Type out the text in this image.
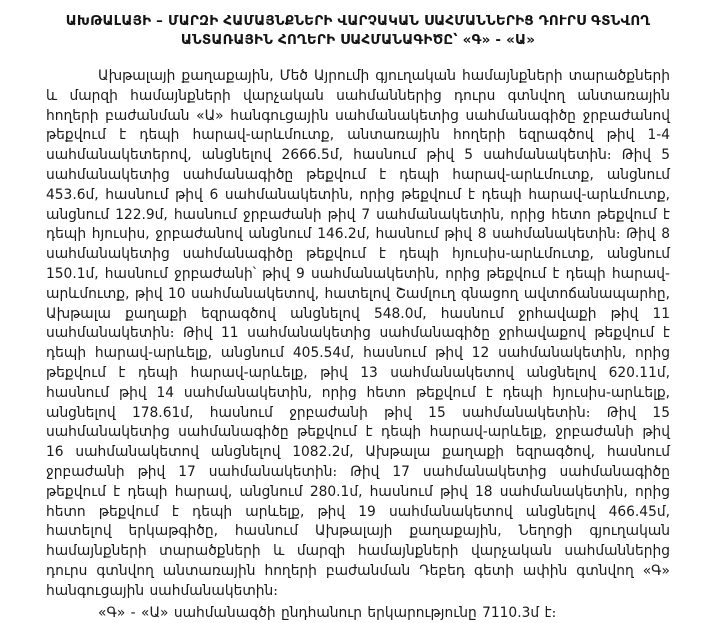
ԱԽԹԱԼԱՅԻ – ՄԱՐԶԻ ՀԱՄԱՅՆՔՆԵՐԻ ՎԱՐՉԱԿԱՆ ՍԱՀՄԱՆՆԵՐԻՑ ԴՈՒՐՍ ԳՏՆՎՈՂ
ԱՆՏԱՌԱՅԻՆ ՀՈՂԵՐԻ ՍԱՀՄԱՆԱԳԻԾԸ՝ «Գ» - «Ա»

Ախթալայի քաղաքային, Մեծ Այրումի գյուղական համայնքների տարածքների և մարզի համայնքների վարչական սահմաններից դուրս գտնվող անտառային հողերի բաժանման «Ա» հանգուցային սահմանակետից սահմանագիծը ջրբաժանով թեքվում է դեպի հարավ-արևմուտք, անտառային հողերի եզրագծով թիվ 1-4 սահմանակետերով, անցնելով 2666.5մ, հասնում թիվ 5 սահմանակետին։ Թիվ 5 սահմանակետից սահմանագիծը թեքվում է դեպի հարավ-արևմուտք, անցնում 453.6մ, հասնում թիվ 6 սահմանակետին, որից թեքվում է դեպի հարավ-արևմուտք, անցնում 122.9մ, հասնում ջրբաժանի թիվ 7 սահմանակետին, որից հետո թեքվում է դեպի հյուսիս, ջրբաժանով անցնում 146.2մ, հասնում թիվ 8 սահմանակետին։ Թիվ 8 սահմանակետից սահմանագիծը թեքվում է դեպի հյուսիս-արևմուտք, անցնում 150.1մ, հասնում ջրբաժանի՝ թիվ 9 սահմանակետին, որից թեքվում է դեպի հարավ-արևմուտք, թիվ 10 սահմանակետով, հատելով Շամլուղ գնացող ավտոճանապարհը, Ախթալա քաղաքի եզրագծով անցնելով 548.0մ, հասնում ջրհավաքի թիվ 11 սահմանակետին։ Թիվ 11 սահմանակետից սահմանագիծը ջրհավաքով թեքվում է դեպի հարավ-արևելք, անցնում 405.54մ, հասնում թիվ 12 սահմանակետին, որից թեքվում է դեպի հարավ-արևելք, թիվ 13 սահմանակետով անցնելով 620.11մ, հասնում թիվ 14 սահմանակետին, որից հետո թեքվում է դեպի հյուսիս-արևելք, անցնելով 178.61մ, հասնում ջրբաժանի թիվ 15 սահմանակետին։ Թիվ 15 սահմանակետից սահմանագիծը թեքվում է դեպի հարավ-արևելք, ջրբաժանի թիվ 16 սահմանակետով անցնելով 1082.2մ, Ախթալա քաղաքի եզրագծով, հասնում ջրբաժանի թիվ 17 սահմանակետին։ Թիվ 17 սահմանակետից սահմանագիծը թեքվում է դեպի հարավ, անցնում 280.1մ, հասնում թիվ 18 սահմանակետին, որից հետո թեքվում է դեպի արևելք, թիվ 19 սահմանակետով անցնելով 466.45մ, հատելով երկաթգիծը, հասնում Ախթալայի քաղաքային, Նեղոցի գյուղական համայնքների տարածքների և մարզի համայնքների վարչական սահմաններից դուրս գտնվող անտառային հողերի բաժանման Դեբեդ գետի ափին գտնվող «Գ» հանգուցային սահմանակետին։

«Գ» - «Ա» սահմանագծի ընդհանուր երկարությունը 7110.3մ է։
